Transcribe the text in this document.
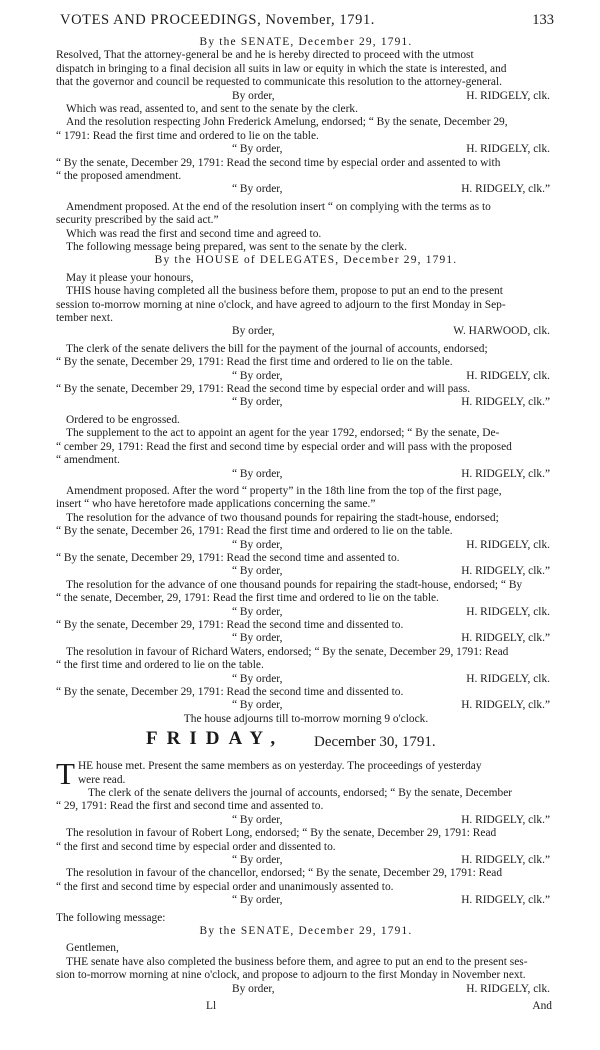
VOTES AND PROCEEDINGS, November, 1791.	133
By the SENATE, December 29, 1791.
Resolved, That the attorney-general be and he is hereby directed to proceed with the utmost
dispatch in bringing to a final decision all suits in law or equity in which the state is interested, and
that the governor and council be requested to communicate this resolution to the attorney-general.
By order,	H. RIDGELY, clk.
Which was read, assented to, and sent to the senate by the clerk.
And the resolution respecting John Frederick Amelung, endorsed; “ By the senate, December 29,
“ 1791: Read the first time and ordered to lie on the table.
“ By order,	H. RIDGELY, clk.
“ By the senate, December 29, 1791: Read the second time by especial order and assented to with
“ the proposed amendment.
“ By order,	H. RIDGELY, clk.”
Amendment proposed. At the end of the resolution insert “ on complying with the terms as to
security prescribed by the said act.”
Which was read the first and second time and agreed to.
The following message being prepared, was sent to the senate by the clerk.
By the HOUSE of DELEGATES, December 29, 1791.
May it please your honours,
THIS house having completed all the business before them, propose to put an end to the present
session to-morrow morning at nine o'clock, and have agreed to adjourn to the first Monday in Sep-
tember next.
By order,	W. HARWOOD, clk.
The clerk of the senate delivers the bill for the payment of the journal of accounts, endorsed;
“ By the senate, December 29, 1791: Read the first time and ordered to lie on the table.
“ By order,	H. RIDGELY, clk.
“ By the senate, December 29, 1791: Read the second time by especial order and will pass.
“ By order,	H. RIDGELY, clk.”
Ordered to be engrossed.
The supplement to the act to appoint an agent for the year 1792, endorsed; “ By the senate, De-
“ cember 29, 1791: Read the first and second time by especial order and will pass with the proposed
“ amendment.
“ By order,	H. RIDGELY, clk.”
Amendment proposed. After the word “ property” in the 18th line from the top of the first page,
insert “ who have heretofore made applications concerning the same.”
The resolution for the advance of two thousand pounds for repairing the stadt-house, endorsed;
“ By the senate, December 26, 1791: Read the first time and ordered to lie on the table.
“ By order,	H. RIDGELY, clk.
“ By the senate, December 29, 1791: Read the second time and assented to.
“ By order,	H. RIDGELY, clk.”
The resolution for the advance of one thousand pounds for repairing the stadt-house, endorsed; “ By
“ the senate, December, 29, 1791: Read the first time and ordered to lie on the table.
“ By order,	H. RIDGELY, clk.
“ By the senate, December 29, 1791: Read the second time and dissented to.
“ By order,	H. RIDGELY, clk.”
The resolution in favour of Richard Waters, endorsed; “ By the senate, December 29, 1791: Read
“ the first time and ordered to lie on the table.
“ By order,	H. RIDGELY, clk.
“ By the senate, December 29, 1791: Read the second time and dissented to.
“ By order,	H. RIDGELY, clk.”
The house adjourns till to-morrow morning 9 o'clock.
FRIDAY, December 30, 1791.
T HE house met. Present the same members as on yesterday. The proceedings of yesterday
were read.
The clerk of the senate delivers the journal of accounts, endorsed; “ By the senate, December
“ 29, 1791: Read the first and second time and assented to.
“ By order,	H. RIDGELY, clk.”
The resolution in favour of Robert Long, endorsed; “ By the senate, December 29, 1791: Read
“ the first and second time by especial order and dissented to.
“ By order,	H. RIDGELY, clk.”
The resolution in favour of the chancellor, endorsed; “ By the senate, December 29, 1791: Read
“ the first and second time by especial order and unanimously assented to.
“ By order,	H. RIDGELY, clk.”
The following message:
By the SENATE, December 29, 1791.
Gentlemen,
THE senate have also completed the business before them, and agree to put an end to the present ses-
sion to-morrow morning at nine o'clock, and propose to adjourn to the first Monday in November next.
By order,	H. RIDGELY, clk.
Ll	And
